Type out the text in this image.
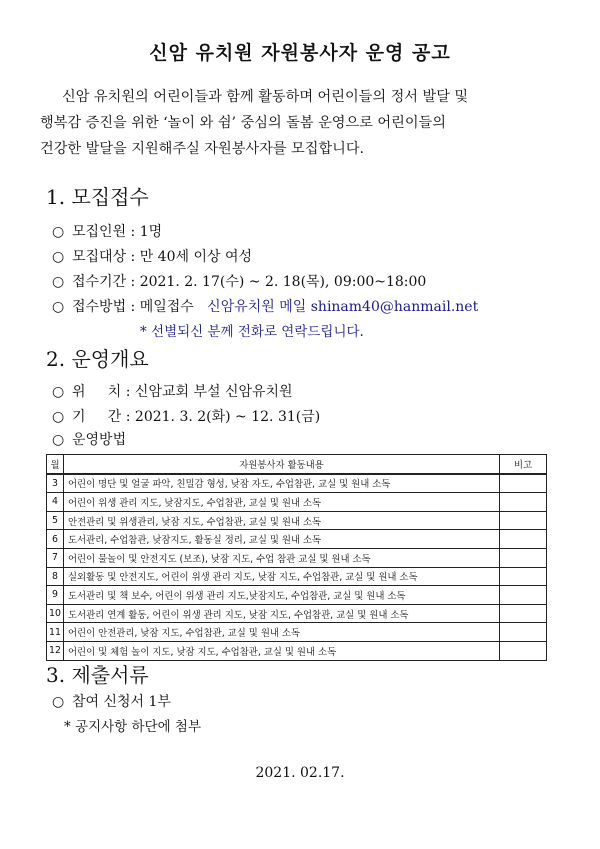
신암 유치원 자원봉사자 운영 공고
신암 유치원의 어린이들과 함께 활동하며 어린이들의 정서 발달 및
행복감 증진을 위한 ‘놀이 와 쉼’ 중심의 돌봄 운영으로 어린이들의
건강한 발달을 지원해주실 자원봉사자를 모집합니다.
1. 모집접수
○ 모집인원 : 1명
○ 모집대상 : 만 40세 이상 여성
○ 접수기간 : 2021. 2. 17(수) ~ 2. 18(목), 09:00~18:00
○ 접수방법 : 메일접수 신암유치원 메일 shinam40@hanmail.net
* 선별되신 분께 전화로 연락드립니다.
2. 운영개요
○ 위     치 : 신암교회 부설 신암유치원
○ 기     간 : 2021. 3. 2(화) ~ 12. 31(금)
○ 운영방법
월	자원봉사자 활동내용	비고
3	어린이 명단 및 얼굴 파악, 친밀감 형성, 낮잠 자도, 수업참관, 교실 및 원내 소독	
4	어린이 위생 관리 지도, 낮잠지도, 수업참관, 교실 및 원내 소독	
5	안전관리 및 위생관리, 낮잠 지도, 수업참관, 교실 및 원내 소독	
6	도서관리, 수업참관, 낮잠지도, 활동실 정리, 교실 및 원내 소독	
7	어린이 물놀이 및 안전지도 (보조), 낮잠 지도, 수업 참관 교실 및 원내 소독	
8	실외활동 및 안전지도, 어린이 위생 관리 지도, 낮잠 지도, 수업참관, 교실 및 원내 소독	
9	도서관리 및 책 보수, 어린이 위생 관리 지도,낮잠지도, 수업참관, 교실 및 원내 소독	
10	도서관리 연계 활동, 어린이 위생 관리 지도, 낮잠 지도, 수업참관, 교실 및 원내 소독	
11	어린이 안전관리, 낮잠 지도, 수업참관, 교실 및 원내 소독	
12	어린이 및 체험 놀이 지도, 낮잠 지도, 수업참관, 교실 및 원내 소독	
3. 제출서류
○ 참여 신청서 1부
* 공지사항 하단에 첨부
2021. 02.17.
